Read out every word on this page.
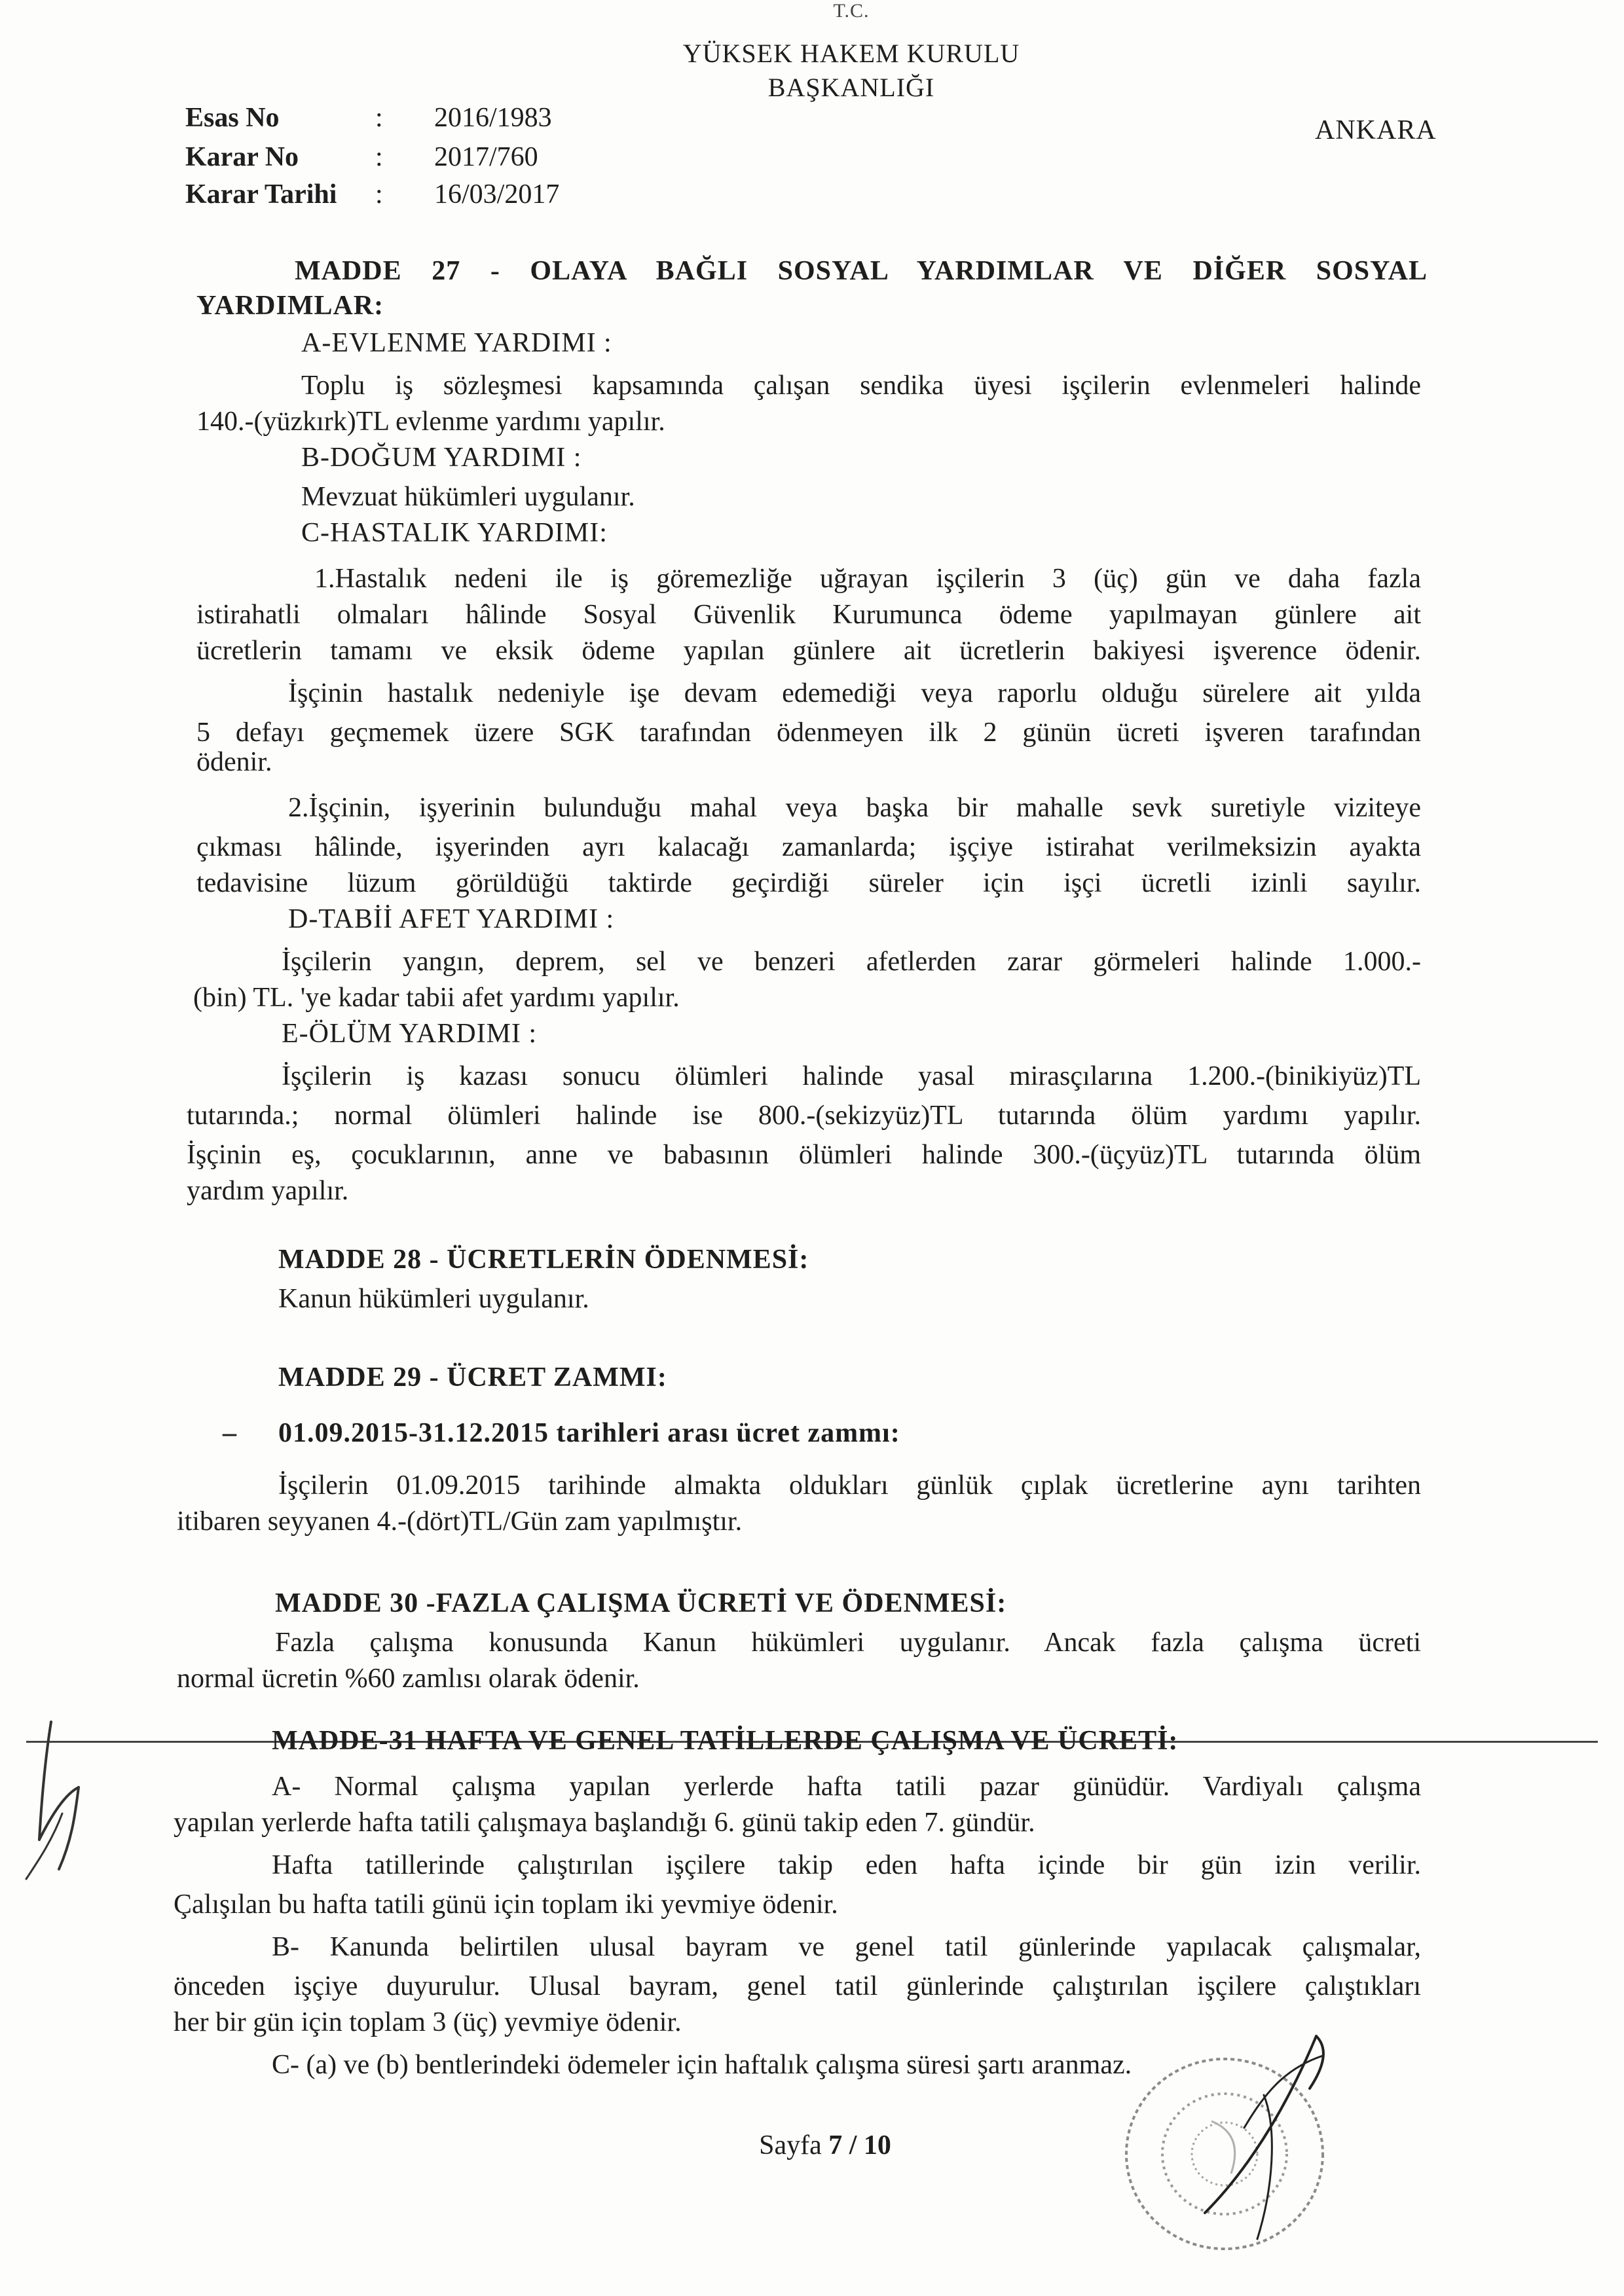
T.C.
YÜKSEK HAKEM KURULU
BAŞKANLIĞI
Esas No	: 2016/1983
Karar No	: 2017/760
Karar Tarihi : 16/03/2017
ANKARA
MADDE 27 - OLAYA BAĞLI SOSYAL YARDIMLAR VE DİĞER SOSYAL
YARDIMLAR:
A-EVLENME YARDIMI :
Toplu iş sözleşmesi kapsamında çalışan sendika üyesi işçilerin evlenmeleri halinde
140.-(yüzkırk)TL evlenme yardımı yapılır.
B-DOĞUM YARDIMI :
Mevzuat hükümleri uygulanır.
C-HASTALIK YARDIMI:
1.Hastalık nedeni ile iş göremezliğe uğrayan işçilerin 3 (üç) gün ve daha fazla
istirahatli olmaları hâlinde Sosyal Güvenlik Kurumunca ödeme yapılmayan günlere ait
ücretlerin tamamı ve eksik ödeme yapılan günlere ait ücretlerin bakiyesi işverence ödenir.
İşçinin hastalık nedeniyle işe devam edemediği veya raporlu olduğu sürelere ait yılda
5 defayı geçmemek üzere SGK tarafından ödenmeyen ilk 2 günün ücreti işveren tarafından
ödenir.
2.İşçinin, işyerinin bulunduğu mahal veya başka bir mahalle sevk suretiyle viziteye
çıkması hâlinde, işyerinden ayrı kalacağı zamanlarda; işçiye istirahat verilmeksizin ayakta
tedavisine lüzum görüldüğü taktirde geçirdiği süreler için işçi ücretli izinli sayılır.
D-TABİİ AFET YARDIMI :
İşçilerin yangın, deprem, sel ve benzeri afetlerden zarar görmeleri halinde 1.000.-
(bin) TL. 'ye kadar tabii afet yardımı yapılır.
E-ÖLÜM YARDIMI :
İşçilerin iş kazası sonucu ölümleri halinde yasal mirasçılarına 1.200.-(binikiyüz)TL
tutarında.; normal ölümleri halinde ise 800.-(sekizyüz)TL tutarında ölüm yardımı yapılır.
İşçinin eş, çocuklarının, anne ve babasının ölümleri halinde 300.-(üçyüz)TL tutarında ölüm
yardım yapılır.
MADDE 28 - ÜCRETLERİN ÖDENMESİ:
Kanun hükümleri uygulanır.
MADDE 29 - ÜCRET ZAMMI:
– 01.09.2015-31.12.2015 tarihleri arası ücret zammı:
İşçilerin 01.09.2015 tarihinde almakta oldukları günlük çıplak ücretlerine aynı tarihten
itibaren seyyanen 4.-(dört)TL/Gün zam yapılmıştır.
MADDE 30 -FAZLA ÇALIŞMA ÜCRETİ VE ÖDENMESİ:
Fazla çalışma konusunda Kanun hükümleri uygulanır. Ancak fazla çalışma ücreti
normal ücretin %60 zamlısı olarak ödenir.
MADDE-31 HAFTA VE GENEL TATİLLERDE ÇALIŞMA VE ÜCRETİ:
A- Normal çalışma yapılan yerlerde hafta tatili pazar günüdür. Vardiyalı çalışma
yapılan yerlerde hafta tatili çalışmaya başlandığı 6. günü takip eden 7. gündür.
Hafta tatillerinde çalıştırılan işçilere takip eden hafta içinde bir gün izin verilir.
Çalışılan bu hafta tatili günü için toplam iki yevmiye ödenir.
B- Kanunda belirtilen ulusal bayram ve genel tatil günlerinde yapılacak çalışmalar,
önceden işçiye duyurulur. Ulusal bayram, genel tatil günlerinde çalıştırılan işçilere çalıştıkları
her bir gün için toplam 3 (üç) yevmiye ödenir.
C- (a) ve (b) bentlerindeki ödemeler için haftalık çalışma süresi şartı aranmaz.
Sayfa 7 / 10
